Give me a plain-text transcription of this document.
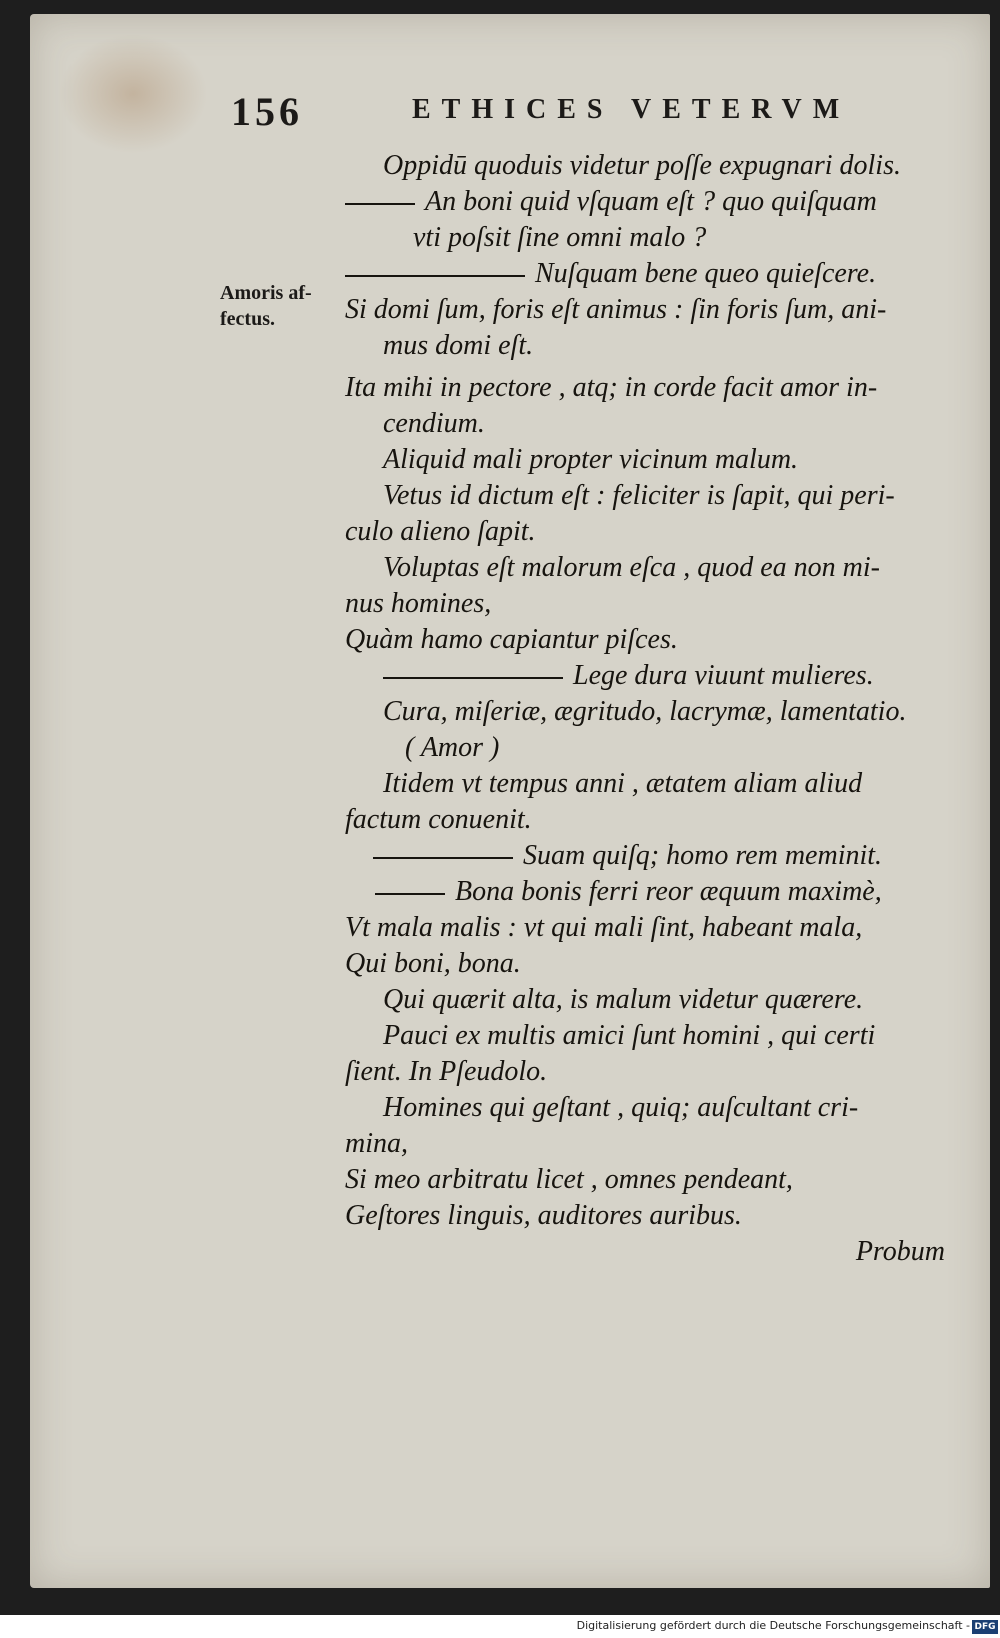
156	ETHICES VETERVM
Amoris af-
fectus.
Oppidū quoduis videtur poſſe expugnari dolis.
An boni quid vſquam eſt ? quo quiſquam
vti poſsit ſine omni malo ?
Nuſquam bene queo quieſcere.
Si domi ſum, foris eſt animus : ſin foris ſum, ani-
mus domi eſt.
Ita mihi in pectore , atq; in corde facit amor in-
cendium.
Aliquid mali propter vicinum malum.
Vetus id dictum eſt : feliciter is ſapit, qui peri-
culo alieno ſapit.
Voluptas eſt malorum eſca , quod ea non mi-
nus homines,
Quàm hamo capiantur piſces.
Lege dura viuunt mulieres.
Cura, miſeriæ, ægritudo, lacrymæ, lamentatio.
( Amor )
Itidem vt tempus anni , ætatem aliam aliud
factum conuenit.
Suam quiſq; homo rem meminit.
Bona bonis ferri reor æquum maximè,
Vt mala malis : vt qui mali ſint, habeant mala,
Qui boni, bona.
Qui quærit alta, is malum videtur quærere.
Pauci ex multis amici ſunt homini , qui certi
ſient. In Pſeudolo.
Homines qui geſtant , quiq; auſcultant cri-
mina,
Si meo arbitratu licet , omnes pendeant,
Geſtores linguis, auditores auribus.
Probum
Digitalisierung gefördert durch die Deutsche Forschungsgemeinschaft - DFG
